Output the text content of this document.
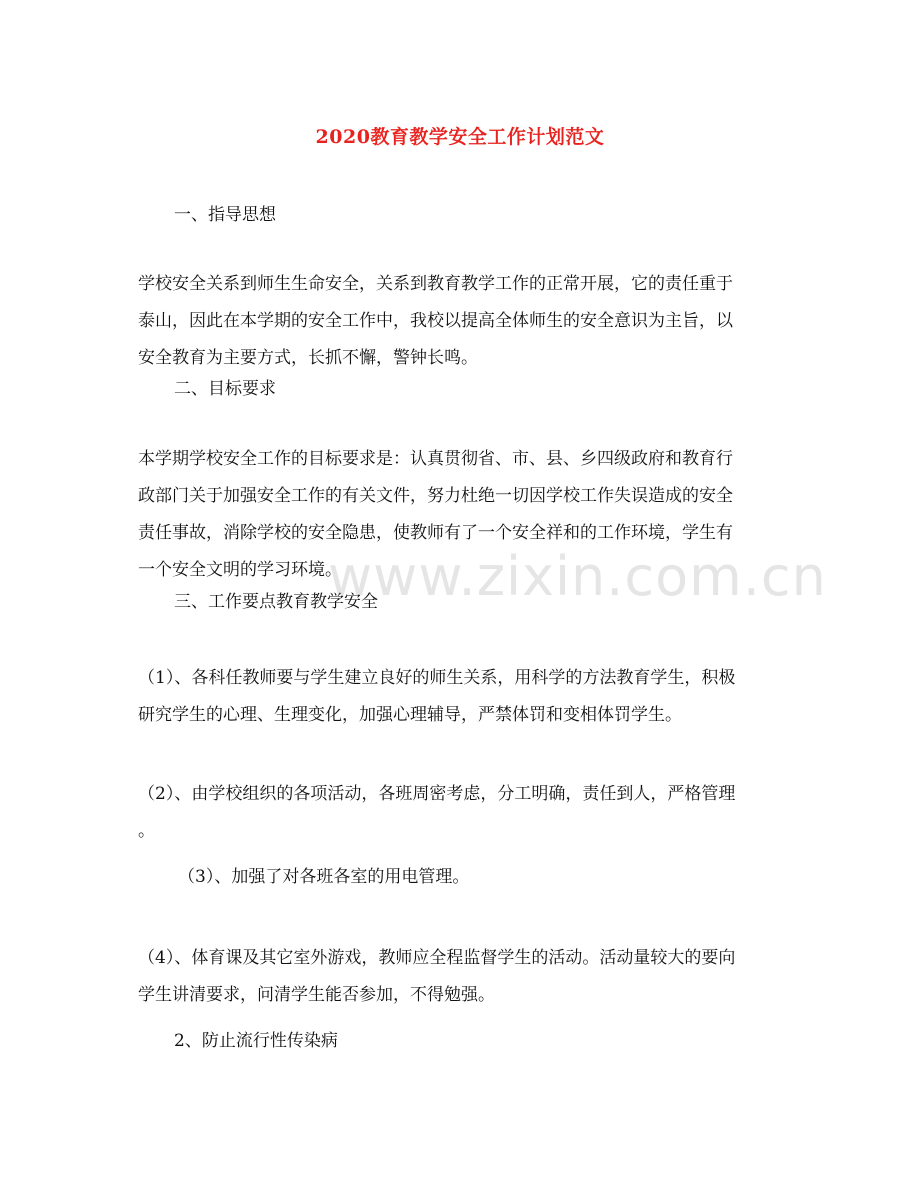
2020教育教学安全工作计划范文
一、指导思想
学校安全关系到师生生命安全，关系到教育教学工作的正常开展，它的责任重于
泰山，因此在本学期的安全工作中，我校以提高全体师生的安全意识为主旨，以
安全教育为主要方式，长抓不懈，警钟长鸣。
二、目标要求
本学期学校安全工作的目标要求是：认真贯彻省、市、县、乡四级政府和教育行
政部门关于加强安全工作的有关文件，努力杜绝一切因学校工作失误造成的安全
责任事故，消除学校的安全隐患，使教师有了一个安全祥和的工作环境，学生有
一个安全文明的学习环境。
三、工作要点教育教学安全
（1）、各科任教师要与学生建立良好的师生关系，用科学的方法教育学生，积极
研究学生的心理、生理变化，加强心理辅导，严禁体罚和变相体罚学生。
（2）、由学校组织的各项活动，各班周密考虑，分工明确，责任到人，严格管理
。
（3）、加强了对各班各室的用电管理。
（4）、体育课及其它室外游戏，教师应全程监督学生的活动。活动量较大的要向
学生讲清要求，问清学生能否参加，不得勉强。
2、防止流行性传染病
www.zixin.com.cn
